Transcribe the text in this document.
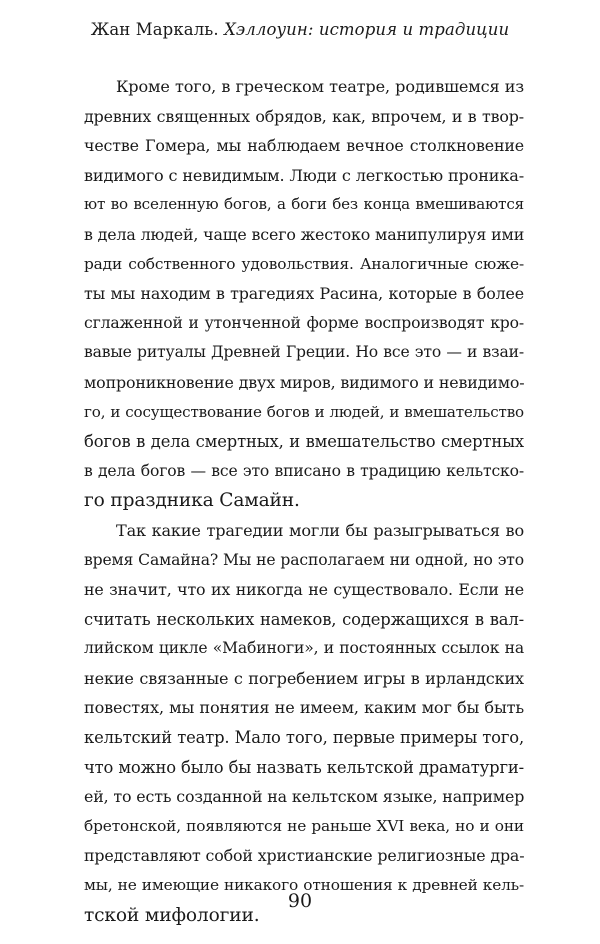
Жан Маркаль. Хэллоуин: история и традиции
Кроме того, в греческом театре, родившемся из
древних священных обрядов, как, впрочем, и в твор-
честве Гомера, мы наблюдаем вечное столкновение
видимого с невидимым. Люди с легкостью проника-
ют во вселенную богов, а боги без конца вмешиваются
в дела людей, чаще всего жестоко манипулируя ими
ради собственного удовольствия. Аналогичные сюже-
ты мы находим в трагедиях Расина, которые в более
сглаженной и утонченной форме воспроизводят кро-
вавые ритуалы Древней Греции. Но все это — и взаи-
мопроникновение двух миров, видимого и невидимо-
го, и сосуществование богов и людей, и вмешательство
богов в дела смертных, и вмешательство смертных
в дела богов — все это вписано в традицию кельтско-
го праздника Самайн.
Так какие трагедии могли бы разыгрываться во
время Самайна? Мы не располагаем ни одной, но это
не значит, что их никогда не существовало. Если не
считать нескольких намеков, содержащихся в вал-
лийском цикле «Мабиноги», и постоянных ссылок на
некие связанные с погребением игры в ирландских
повестях, мы понятия не имеем, каким мог бы быть
кельтский театр. Мало того, первые примеры того,
что можно было бы назвать кельтской драматурги-
ей, то есть созданной на кельтском языке, например
бретонской, появляются не раньше XVI века, но и они
представляют собой христианские религиозные дра-
мы, не имеющие никакого отношения к древней кель-
тской мифологии.
90
